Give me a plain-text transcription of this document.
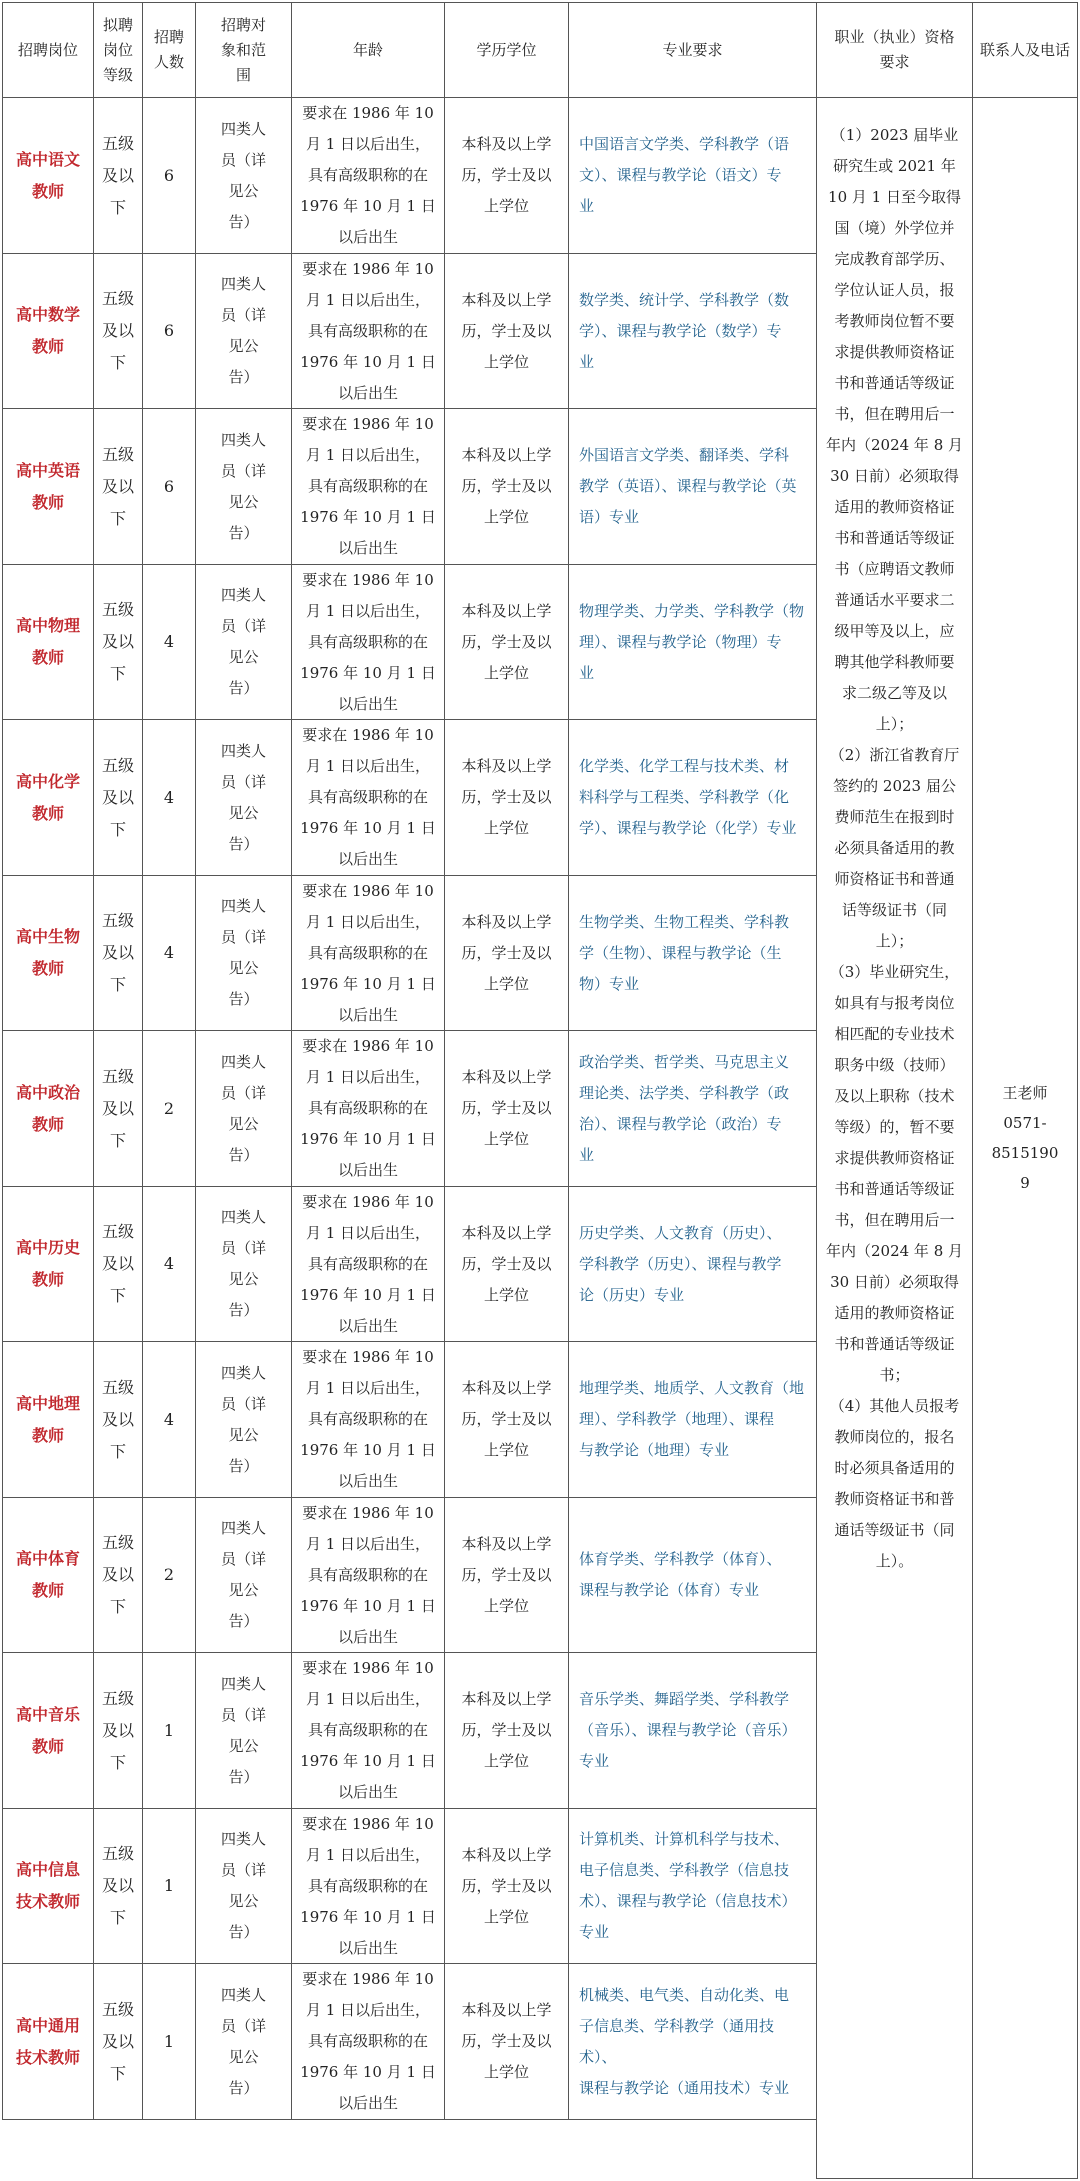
招聘岗位
拟聘
岗位
等级
招聘
人数
招聘对
象和范
围
年龄	学历学位	专业要求
职业（执业）资格
要求
联系人及电话
（1）2023 届毕业
研究生或 2021 年
10 月 1 日至今取得
国（境）外学位并
完成教育部学历、
学位认证人员，报
考教师岗位暂不要
求提供教师资格证
书和普通话等级证
书，但在聘用后一
年内（2024 年 8 月
30 日前）必须取得
适用的教师资格证
书和普通话等级证
书（应聘语文教师
普通话水平要求二
级甲等及以上，应
聘其他学科教师要
求二级乙等及以
上）；
（2）浙江省教育厅
签约的 2023 届公
费师范生在报到时
必须具备适用的教
师资格证书和普通
话等级证书（同
上）；
（3）毕业研究生，
如具有与报考岗位
相匹配的专业技术
职务中级（技师）
及以上职称（技术
等级）的，暂不要
求提供教师资格证
书和普通话等级证
书，但在聘用后一
年内（2024 年 8 月
30 日前）必须取得
适用的教师资格证
书和普通话等级证
书；
（4）其他人员报考
教师岗位的，报名
时必须具备适用的
教师资格证书和普
通话等级证书（同
上）。
王老师
0571-8515190
9
高中语文
教师
五级
及以
下
6
四类人
员（详
见公
告）
要求在 1986 年 10
月 1 日以后出生，
具有高级职称的在
1976 年 10 月 1 日
以后出生
本科及以上学
历，学士及以
上学位
中国语言文学类、学科教学（语
文）、课程与教学论（语文）专
业
高中数学
教师
五级
及以
下
6
四类人
员（详
见公
告）
要求在 1986 年 10
月 1 日以后出生，
具有高级职称的在
1976 年 10 月 1 日
以后出生
本科及以上学
历，学士及以
上学位
数学类、统计学、学科教学（数
学）、课程与教学论（数学）专
业
高中英语
教师
五级
及以
下
6
四类人
员（详
见公
告）
要求在 1986 年 10
月 1 日以后出生，
具有高级职称的在
1976 年 10 月 1 日
以后出生
本科及以上学
历，学士及以
上学位
外国语言文学类、翻译类、学科
教学（英语）、课程与教学论（英
语）专业
高中物理
教师
五级
及以
下
4
四类人
员（详
见公
告）
要求在 1986 年 10
月 1 日以后出生，
具有高级职称的在
1976 年 10 月 1 日
以后出生
本科及以上学
历，学士及以
上学位
物理学类、力学类、学科教学（物
理）、课程与教学论（物理）专
业
高中化学
教师
五级
及以
下
4
四类人
员（详
见公
告）
要求在 1986 年 10
月 1 日以后出生，
具有高级职称的在
1976 年 10 月 1 日
以后出生
本科及以上学
历，学士及以
上学位
化学类、化学工程与技术类、材
料科学与工程类、学科教学（化
学）、课程与教学论（化学）专业
高中生物
教师
五级
及以
下
4
四类人
员（详
见公
告）
要求在 1986 年 10
月 1 日以后出生，
具有高级职称的在
1976 年 10 月 1 日
以后出生
本科及以上学
历，学士及以
上学位
生物学类、生物工程类、学科教
学（生物）、课程与教学论（生
物）专业
高中政治
教师
五级
及以
下
2
四类人
员（详
见公
告）
要求在 1986 年 10
月 1 日以后出生，
具有高级职称的在
1976 年 10 月 1 日
以后出生
本科及以上学
历，学士及以
上学位
政治学类、哲学类、马克思主义
理论类、法学类、学科教学（政
治）、课程与教学论（政治）专
业
高中历史
教师
五级
及以
下
4
四类人
员（详
见公
告）
要求在 1986 年 10
月 1 日以后出生，
具有高级职称的在
1976 年 10 月 1 日
以后出生
本科及以上学
历，学士及以
上学位
历史学类、人文教育（历史）、
学科教学（历史）、课程与教学
论（历史）专业
高中地理
教师
五级
及以
下
4
四类人
员（详
见公
告）
要求在 1986 年 10
月 1 日以后出生，
具有高级职称的在
1976 年 10 月 1 日
以后出生
本科及以上学
历，学士及以
上学位
地理学类、地质学、人文教育（地
理）、学科教学（地理）、课程
与教学论（地理）专业
高中体育
教师
五级
及以
下
2
四类人
员（详
见公
告）
要求在 1986 年 10
月 1 日以后出生，
具有高级职称的在
1976 年 10 月 1 日
以后出生
本科及以上学
历，学士及以
上学位
体育学类、学科教学（体育）、
课程与教学论（体育）专业
高中音乐
教师
五级
及以
下
1
四类人
员（详
见公
告）
要求在 1986 年 10
月 1 日以后出生，
具有高级职称的在
1976 年 10 月 1 日
以后出生
本科及以上学
历，学士及以
上学位
音乐学类、舞蹈学类、学科教学
（音乐）、课程与教学论（音乐）
专业
高中信息
技术教师
五级
及以
下
1
四类人
员（详
见公
告）
要求在 1986 年 10
月 1 日以后出生，
具有高级职称的在
1976 年 10 月 1 日
以后出生
本科及以上学
历，学士及以
上学位
计算机类、计算机科学与技术、
电子信息类、学科教学（信息技
术）、课程与教学论（信息技术）
专业
高中通用
技术教师
五级
及以
下
1
四类人
员（详
见公
告）
要求在 1986 年 10
月 1 日以后出生，
具有高级职称的在
1976 年 10 月 1 日
以后出生
本科及以上学
历，学士及以
上学位
机械类、电气类、自动化类、电
子信息类、学科教学（通用技术）、
课程与教学论（通用技术）专业
